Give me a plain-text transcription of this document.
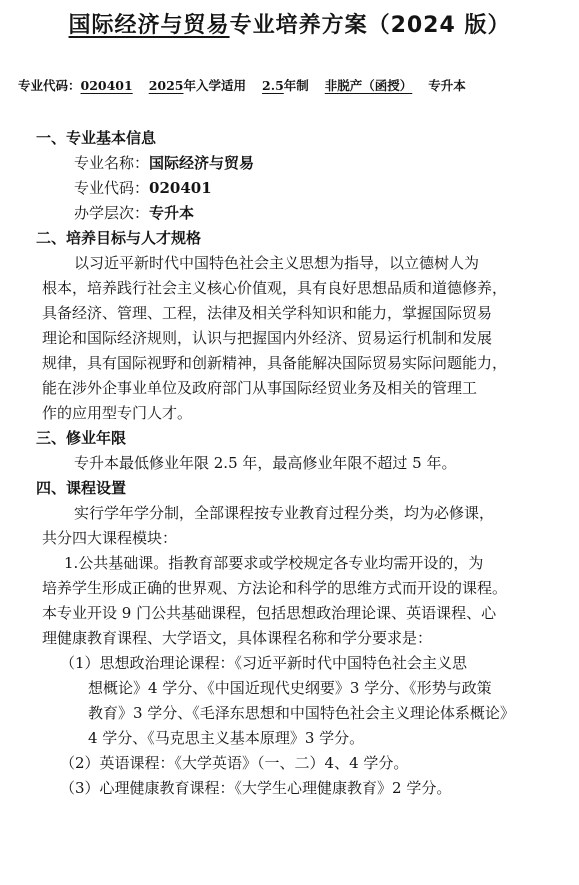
国际经济与贸易专业培养方案（2024 版）
专业代码：020401 2025年入学适用 2.5年制 非脱产（函授） 专升本
一、专业基本信息
专业名称：国际经济与贸易
专业代码：020401
办学层次：专升本
二、培养目标与人才规格
以习近平新时代中国特色社会主义思想为指导，以立德树人为
根本，培养践行社会主义核心价值观，具有良好思想品质和道德修养，
具备经济、管理、工程，法律及相关学科知识和能力，掌握国际贸易
理论和国际经济规则，认识与把握国内外经济、贸易运行机制和发展
规律，具有国际视野和创新精神，具备能解决国际贸易实际问题能力，
能在涉外企事业单位及政府部门从事国际经贸业务及相关的管理工
作的应用型专门人才。
三、修业年限
专升本最低修业年限 2.5 年，最高修业年限不超过 5 年。
四、课程设置
实行学年学分制，全部课程按专业教育过程分类，均为必修课，
共分四大课程模块：
1.公共基础课。指教育部要求或学校规定各专业均需开设的，为
培养学生形成正确的世界观、方法论和科学的思维方式而开设的课程。
本专业开设 9 门公共基础课程，包括思想政治理论课、英语课程、心
理健康教育课程、大学语文，具体课程名称和学分要求是：
（1）思想政治理论课程：《习近平新时代中国特色社会主义思
想概论》4 学分、《中国近现代史纲要》3 学分、《形势与政策
教育》3 学分、《毛泽东思想和中国特色社会主义理论体系概论》
4 学分、《马克思主义基本原理》3 学分。
（2）英语课程：《大学英语》（一、二）4、4 学分。
（3）心理健康教育课程：《大学生心理健康教育》2 学分。
